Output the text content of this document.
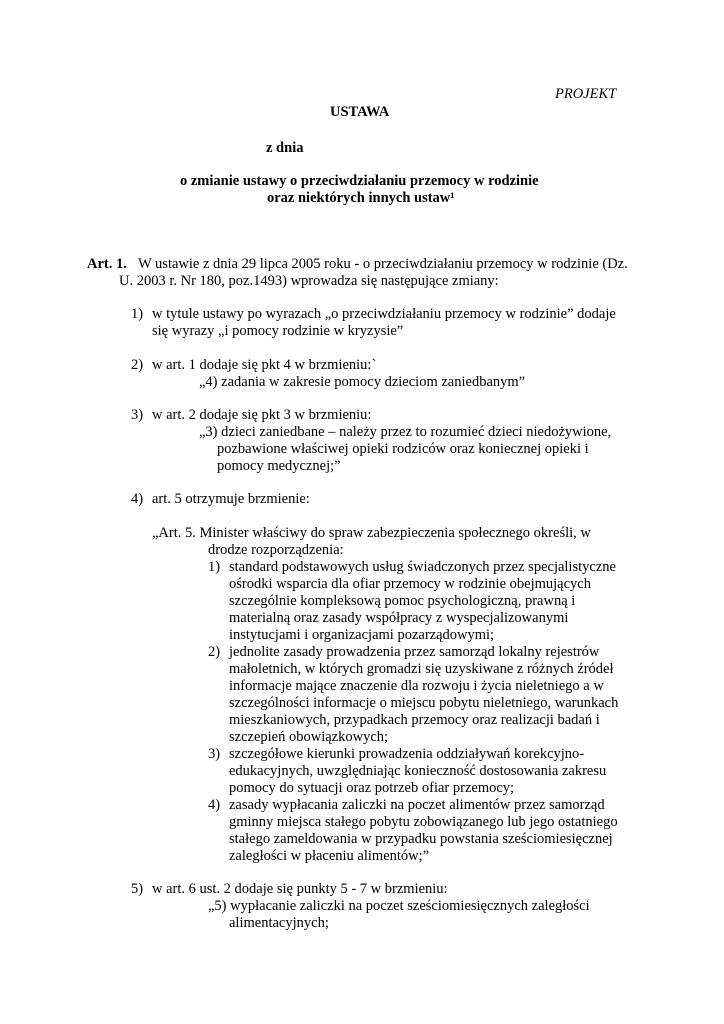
PROJEKT
USTAWA
z dnia
o zmianie ustawy o przeciwdziałaniu przemocy w rodzinie
oraz niektórych innych ustaw¹
Art. 1. W ustawie z dnia 29 lipca 2005 roku - o przeciwdziałaniu przemocy w rodzinie (Dz.
U. 2003 r. Nr 180, poz.1493) wprowadza się następujące zmiany:
1) w tytule ustawy po wyrazach „o przeciwdziałaniu przemocy w rodzinie” dodaje
się wyrazy „i pomocy rodzinie w kryzysie”
2) w art. 1 dodaje się pkt 4 w brzmieniu:`
„4) zadania w zakresie pomocy dzieciom zaniedbanym”
3) w art. 2 dodaje się pkt 3 w brzmieniu:
„3) dzieci zaniedbane – należy przez to rozumieć dzieci niedożywione,
pozbawione właściwej opieki rodziców oraz koniecznej opieki i
pomocy medycznej;”
4) art. 5 otrzymuje brzmienie:
„Art. 5. Minister właściwy do spraw zabezpieczenia społecznego określi, w
drodze rozporządzenia:
1) standard podstawowych usług świadczonych przez specjalistyczne
ośrodki wsparcia dla ofiar przemocy w rodzinie obejmujących
szczególnie kompleksową pomoc psychologiczną, prawną i
materialną oraz zasady współpracy z wyspecjalizowanymi
instytucjami i organizacjami pozarządowymi;
2) jednolite zasady prowadzenia przez samorząd lokalny rejestrów
małoletnich, w których gromadzi się uzyskiwane z różnych źródeł
informacje mające znaczenie dla rozwoju i życia nieletniego a w
szczególności informacje o miejscu pobytu nieletniego, warunkach
mieszkaniowych, przypadkach przemocy oraz realizacji badań i
szczepień obowiązkowych;
3) szczegółowe kierunki prowadzenia oddziaływań korekcyjno-
edukacyjnych, uwzględniając konieczność dostosowania zakresu
pomocy do sytuacji oraz potrzeb ofiar przemocy;
4) zasady wypłacania zaliczki na poczet alimentów przez samorząd
gminny miejsca stałego pobytu zobowiązanego lub jego ostatniego
stałego zameldowania w przypadku powstania sześciomiesięcznej
zaległości w płaceniu alimentów;”
5) w art. 6 ust. 2 dodaje się punkty 5 - 7 w brzmieniu:
„5) wypłacanie zaliczki na poczet sześciomiesięcznych zaległości
alimentacyjnych;
